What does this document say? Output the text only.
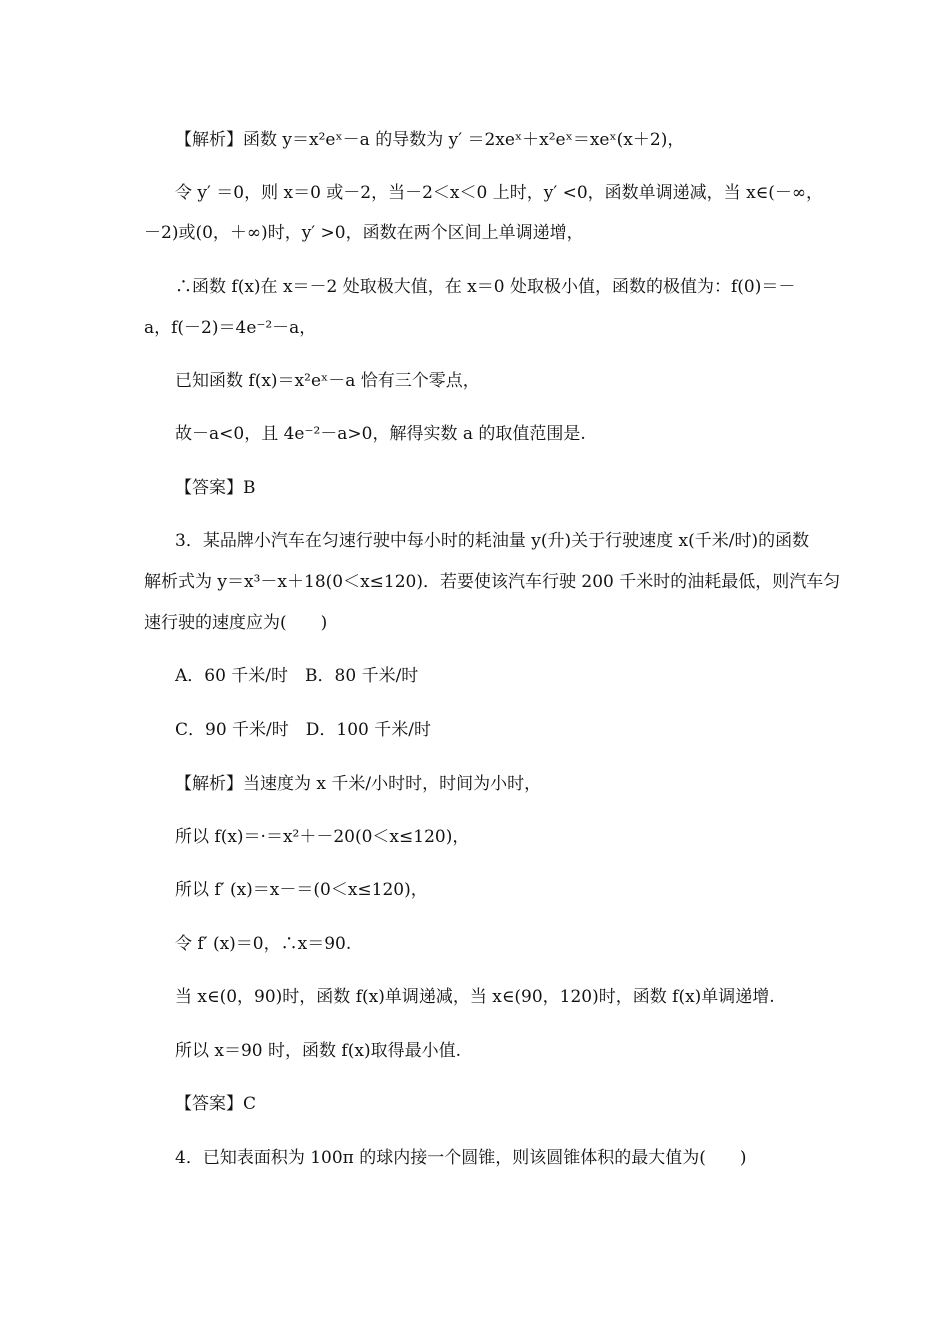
【解析】函数 y＝x²eˣ－a 的导数为 y′ ＝2xeˣ＋x²eˣ＝xeˣ(x＋2)，
令 y′ ＝0，则 x＝0 或－2，当－2＜x＜0 上时，y′ <0，函数单调递减，当 x∈(－∞，
－2)或(0，＋∞)时，y′ >0，函数在两个区间上单调递增，
∴函数 f(x)在 x＝－2 处取极大值，在 x＝0 处取极小值，函数的极值为：f(0)＝－
a，f(－2)＝4e⁻²－a，
已知函数 f(x)＝x²eˣ－a 恰有三个零点，
故－a<0，且 4e⁻²－a>0，解得实数 a 的取值范围是.
【答案】B
3．某品牌小汽车在匀速行驶中每小时的耗油量 y(升)关于行驶速度 x(千米/时)的函数
解析式为 y＝x³－x＋18(0＜x≤120)．若要使该汽车行驶 200 千米时的油耗最低，则汽车匀
速行驶的速度应为(　　)
A．60 千米/时　B．80 千米/时
C．90 千米/时　D．100 千米/时
【解析】当速度为 x 千米/小时时，时间为小时，
所以 f(x)＝·＝x²＋－20(0＜x≤120)，
所以 f′ (x)＝x－＝(0＜x≤120)，
令 f′ (x)＝0，∴x＝90.
当 x∈(0，90)时，函数 f(x)单调递减，当 x∈(90，120)时，函数 f(x)单调递增.
所以 x＝90 时，函数 f(x)取得最小值.
【答案】C
4．已知表面积为 100π 的球内接一个圆锥，则该圆锥体积的最大值为(　　)
